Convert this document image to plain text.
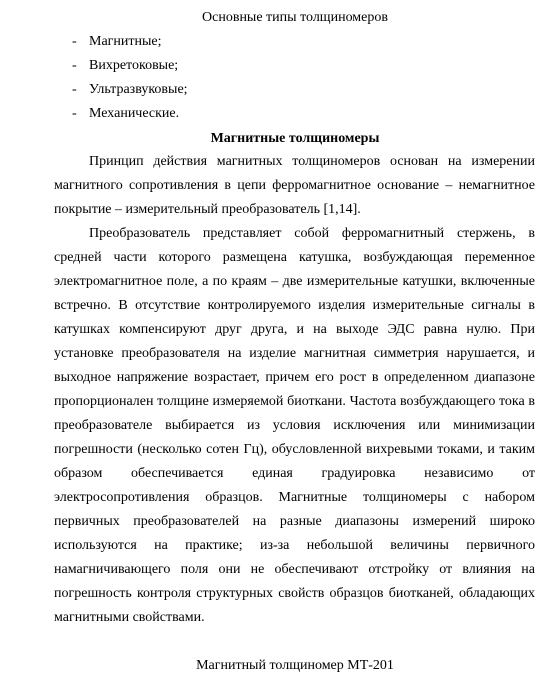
Основные типы толщиномеров
- Магнитные;
- Вихретоковые;
- Ультразвуковые;
- Механические.
Магнитные толщиномеры

Принцип действия магнитных толщиномеров основан на измерении магнитного сопротивления в цепи ферромагнитное основание – немагнитное покрытие – измерительный преобразователь [1,14].

Преобразователь представляет собой ферромагнитный стержень, в средней части которого размещена катушка, возбуждающая переменное электромагнитное поле, а по краям – две измерительные катушки, включенные встречно. В отсутствие контролируемого изделия измерительные сигналы в катушках компенсируют друг друга, и на выходе ЭДС равна нулю. При установке преобразователя на изделие магнитная симметрия нарушается, и выходное напряжение возрастает, причем его рост в определенном диапазоне пропорционален толщине измеряемой биоткани. Частота возбуждающего тока в преобразователе выбирается из условия исключения или минимизации погрешности (несколько сотен Гц), обусловленной вихревыми токами, и таким образом обеспечивается единая градуировка независимо от электросопротивления образцов. Магнитные толщиномеры с набором первичных преобразователей на разные диапазоны измерений широко используются на практике; из-за небольшой величины первичного намагничивающего поля они не обеспечивают отстройку от влияния на погрешность контроля структурных свойств образцов биотканей, обладающих магнитными свойствами.

Магнитный толщиномер МТ-201
